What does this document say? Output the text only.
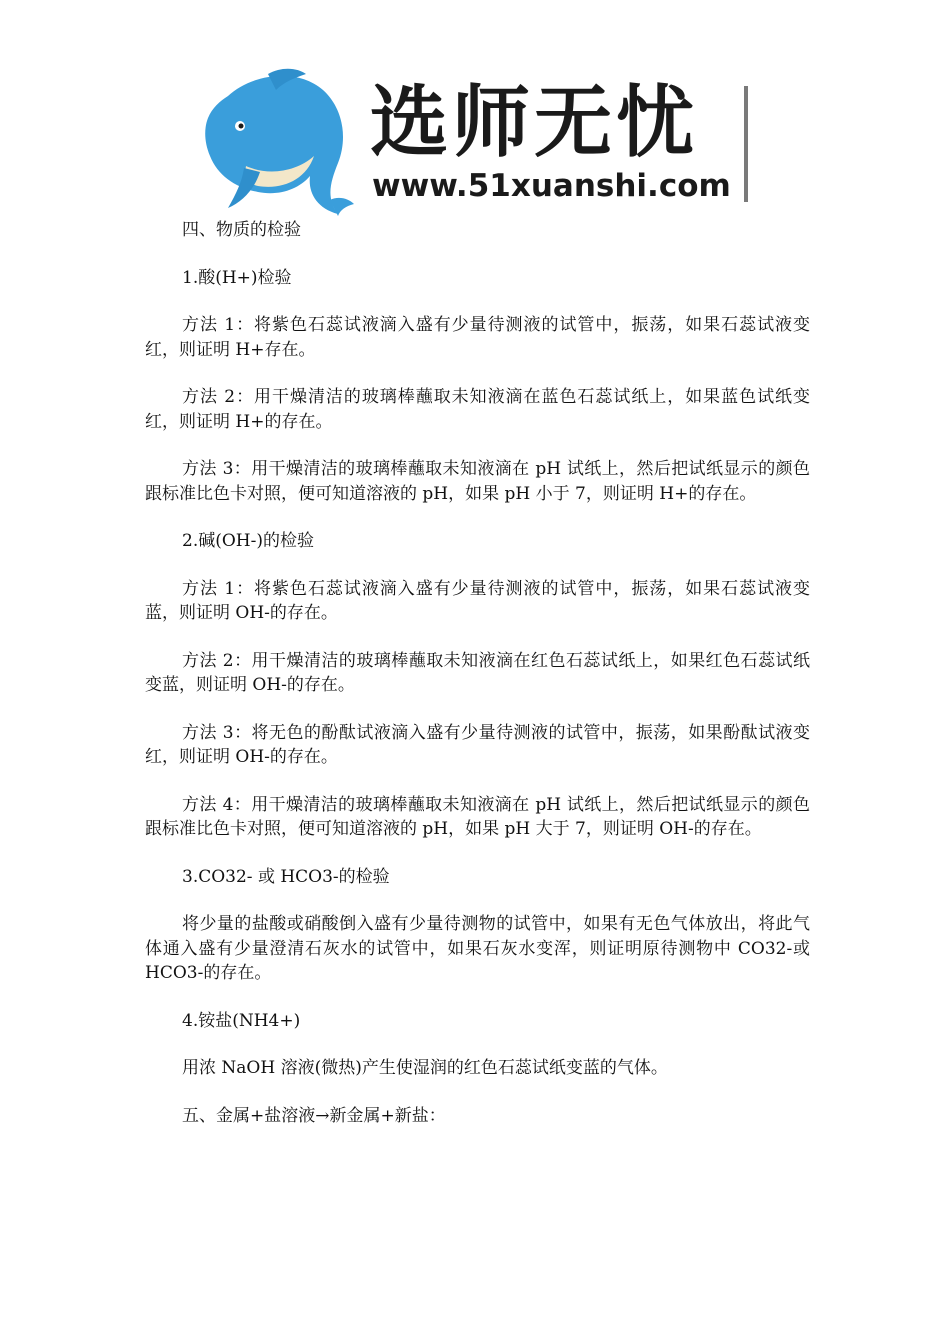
选师无忧
www.51xuanshi.com

四、物质的检验

1.酸(H+)检验

方法 1：将紫色石蕊试液滴入盛有少量待测液的试管中，振荡，如果石蕊试液变红，则证明 H+存在。

方法 2：用干燥清洁的玻璃棒蘸取未知液滴在蓝色石蕊试纸上，如果蓝色试纸变红，则证明 H+的存在。

方法 3：用干燥清洁的玻璃棒蘸取未知液滴在 pH 试纸上，然后把试纸显示的颜色跟标准比色卡对照，便可知道溶液的 pH，如果 pH 小于 7，则证明 H+的存在。

2.碱(OH-)的检验

方法 1：将紫色石蕊试液滴入盛有少量待测液的试管中，振荡，如果石蕊试液变蓝，则证明 OH-的存在。

方法 2：用干燥清洁的玻璃棒蘸取未知液滴在红色石蕊试纸上，如果红色石蕊试纸变蓝，则证明 OH-的存在。

方法 3：将无色的酚酞试液滴入盛有少量待测液的试管中，振荡，如果酚酞试液变红，则证明 OH-的存在。

方法 4：用干燥清洁的玻璃棒蘸取未知液滴在 pH 试纸上，然后把试纸显示的颜色跟标准比色卡对照，便可知道溶液的 pH，如果 pH 大于 7，则证明 OH-的存在。

3.CO32- 或 HCO3-的检验

将少量的盐酸或硝酸倒入盛有少量待测物的试管中，如果有无色气体放出，将此气体通入盛有少量澄清石灰水的试管中，如果石灰水变浑，则证明原待测物中 CO32-或 HCO3-的存在。

4.铵盐(NH4+)

用浓 NaOH 溶液(微热)产生使湿润的红色石蕊试纸变蓝的气体。

五、金属+盐溶液→新金属+新盐：
